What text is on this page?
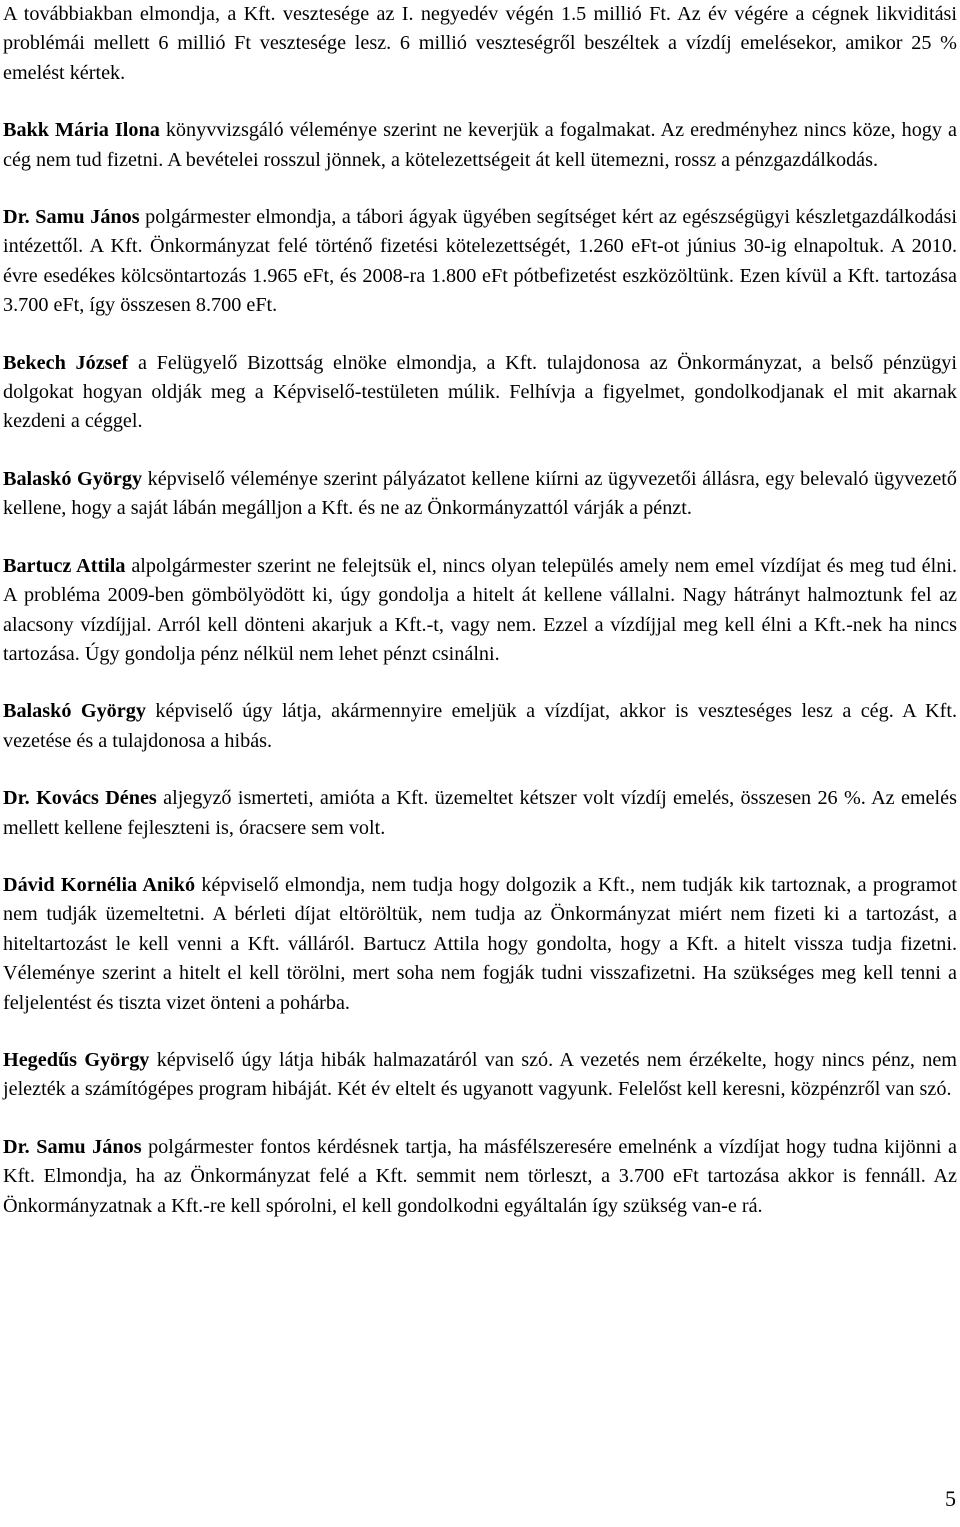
A továbbiakban elmondja, a Kft. vesztesége az I. negyedév végén 1.5 millió Ft. Az év végére a cégnek likviditási problémái mellett 6 millió Ft vesztesége lesz. 6 millió veszteségről beszéltek a vízdíj emelésekor, amikor 25 % emelést kértek.

Bakk Mária Ilona könyvvizsgáló véleménye szerint ne keverjük a fogalmakat. Az eredményhez nincs köze, hogy a cég nem tud fizetni. A bevételei rosszul jönnek, a kötelezettségeit át kell ütemezni, rossz a pénzgazdálkodás.

Dr. Samu János polgármester elmondja, a tábori ágyak ügyében segítséget kért az egészségügyi készletgazdálkodási intézettől. A Kft. Önkormányzat felé történő fizetési kötelezettségét, 1.260 eFt-ot június 30-ig elnapoltuk. A 2010. évre esedékes kölcsöntartozás 1.965 eFt, és 2008-ra 1.800 eFt pótbefizetést eszközöltünk. Ezen kívül a Kft. tartozása 3.700 eFt, így összesen 8.700 eFt.

Bekech József a Felügyelő Bizottság elnöke elmondja, a Kft. tulajdonosa az Önkormányzat, a belső pénzügyi dolgokat hogyan oldják meg a Képviselő-testületen múlik. Felhívja a figyelmet, gondolkodjanak el mit akarnak kezdeni a céggel.

Balaskó György képviselő véleménye szerint pályázatot kellene kiírni az ügyvezetői állásra, egy belevaló ügyvezető kellene, hogy a saját lábán megálljon a Kft. és ne az Önkormányzattól várják a pénzt.

Bartucz Attila alpolgármester szerint ne felejtsük el, nincs olyan település amely nem emel vízdíjat és meg tud élni. A probléma 2009-ben gömbölyödött ki, úgy gondolja a hitelt át kellene vállalni. Nagy hátrányt halmoztunk fel az alacsony vízdíjjal. Arról kell dönteni akarjuk a Kft.-t, vagy nem. Ezzel a vízdíjjal meg kell élni a Kft.-nek ha nincs tartozása. Úgy gondolja pénz nélkül nem lehet pénzt csinálni.

Balaskó György képviselő úgy látja, akármennyire emeljük a vízdíjat, akkor is veszteséges lesz a cég. A Kft. vezetése és a tulajdonosa a hibás.

Dr. Kovács Dénes aljegyző ismerteti, amióta a Kft. üzemeltet kétszer volt vízdíj emelés, összesen 26 %. Az emelés mellett kellene fejleszteni is, óracsere sem volt.

Dávid Kornélia Anikó képviselő elmondja, nem tudja hogy dolgozik a Kft., nem tudják kik tartoznak, a programot nem tudják üzemeltetni. A bérleti díjat eltöröltük, nem tudja az Önkormányzat miért nem fizeti ki a tartozást, a hiteltartozást le kell venni a Kft. válláról. Bartucz Attila hogy gondolta, hogy a Kft. a hitelt vissza tudja fizetni. Véleménye szerint a hitelt el kell törölni, mert soha nem fogják tudni visszafizetni. Ha szükséges meg kell tenni a feljelentést és tiszta vizet önteni a pohárba.

Hegedűs György képviselő úgy látja hibák halmazatáról van szó. A vezetés nem érzékelte, hogy nincs pénz, nem jelezték a számítógépes program hibáját. Két év eltelt és ugyanott vagyunk. Felelőst kell keresni, közpénzről van szó.

Dr. Samu János polgármester fontos kérdésnek tartja, ha másfélszeresére emelnénk a vízdíjat hogy tudna kijönni a Kft. Elmondja, ha az Önkormányzat felé a Kft. semmit nem törleszt, a 3.700 eFt tartozása akkor is fennáll. Az Önkormányzatnak a Kft.-re kell spórolni, el kell gondolkodni egyáltalán így szükség van-e rá.

5
